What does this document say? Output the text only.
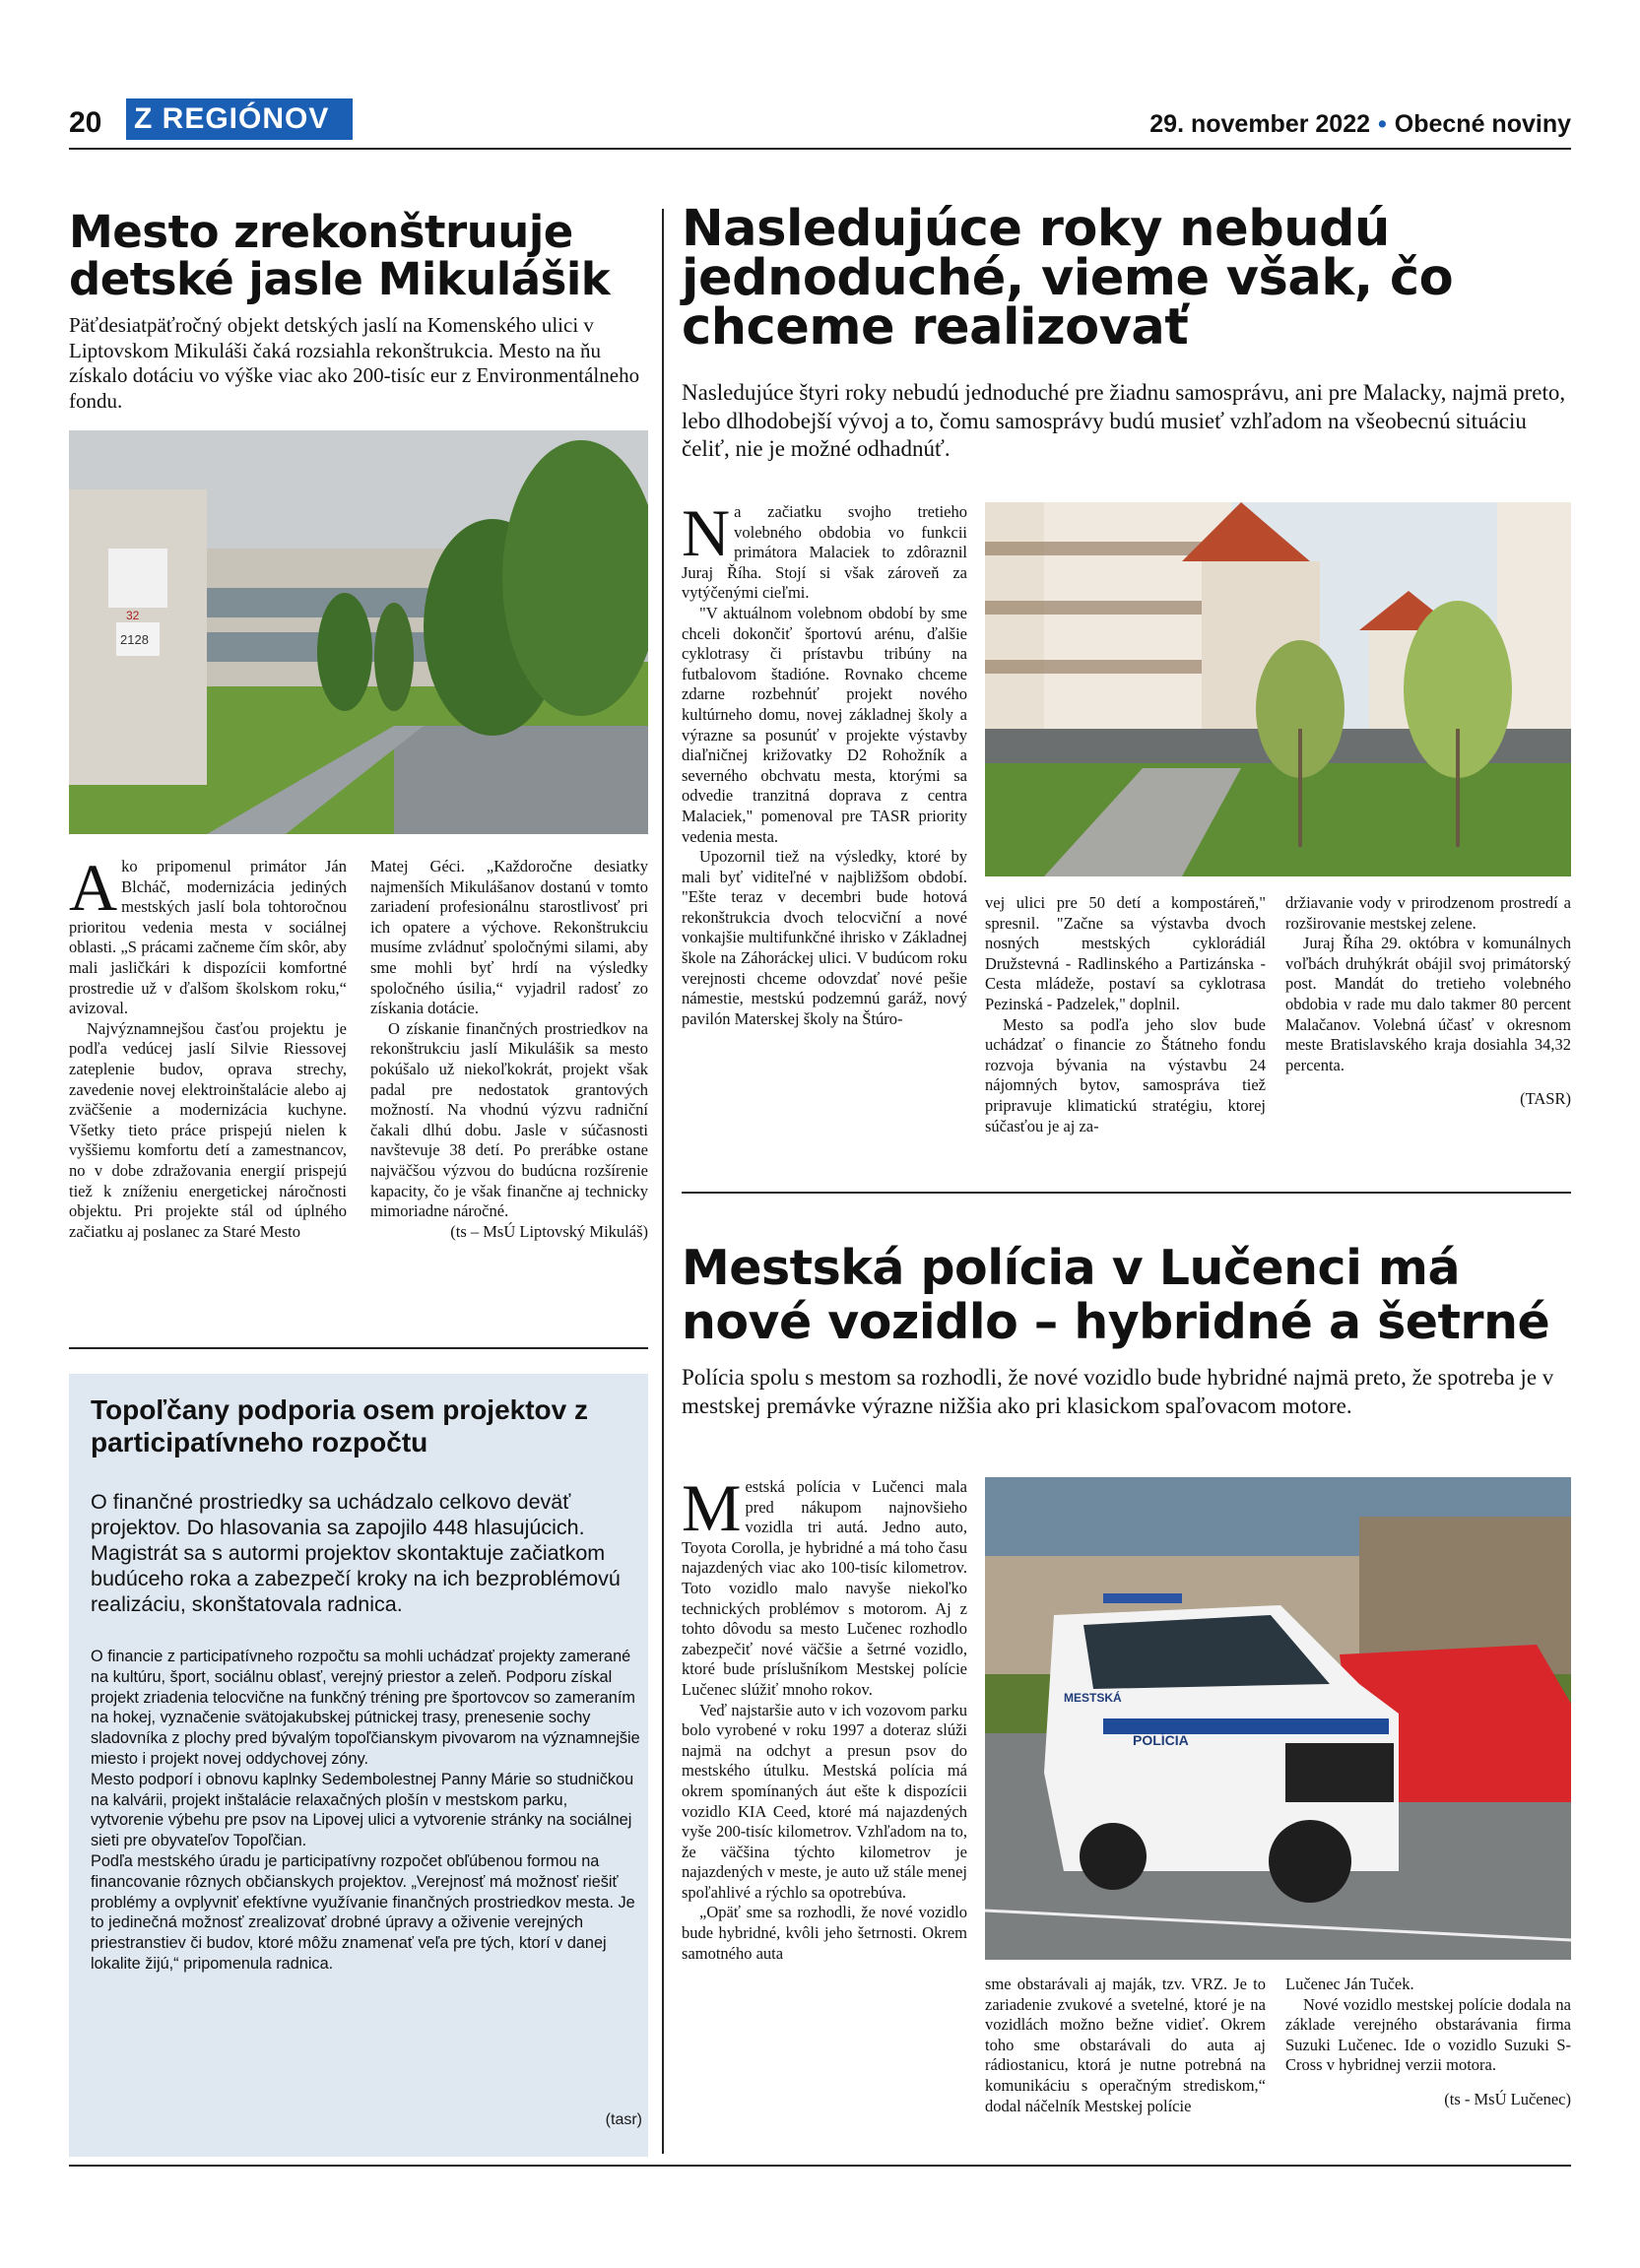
20 Z REGIÓNOV	29. november 2022 • Obecné noviny
Mesto zrekonštruuje detské jasle Mikulášik
Päťdesiatpäťročný objekt detských jaslí na Komenského ulici v Liptovskom Mikuláši čaká rozsiahla rekonštrukcia. Mesto na ňu získalo dotáciu vo výške viac ako 200-tisíc eur z Environmentálneho fondu.
2128
32

Ako pripomenul primátor Ján Blcháč, modernizácia jediných mestských jaslí bola tohtoročnou prioritou vedenia mesta v sociálnej oblasti. „S prácami začneme čím skôr, aby mali jasličkári k dispozícii komfortné prostredie už v ďalšom školskom roku,“ avizoval.

Najvýznamnejšou časťou projektu je podľa vedúcej jaslí Silvie Riessovej zateplenie budov, oprava strechy, zavedenie novej elektroinštalácie alebo aj zväčšenie a modernizácia kuchyne. Všetky tieto práce prispejú nielen k vyššiemu komfortu detí a zamestnancov, no v dobe zdražovania energií prispejú tiež k zníženiu energetickej náročnosti objektu. Pri projekte stál od úplného začiatku aj poslanec za Staré Mesto

Matej Géci. „Každoročne desiatky najmenších Mikulášanov dostanú v tomto zariadení profesionálnu starostlivosť pri ich opatere a výchove. Rekonštrukciu musíme zvládnuť spoločnými silami, aby sme mohli byť hrdí na výsledky spoločného úsilia,“ vyjadril radosť zo získania dotácie.

O získanie finančných prostriedkov na rekonštrukciu jaslí Mikulášik sa mesto pokúšalo už niekoľkokrát, projekt však padal pre nedostatok grantových možností. Na vhodnú výzvu radniční čakali dlhú dobu. Jasle v súčasnosti navštevuje 38 detí. Po prerábke ostane najväčšou výzvou do budúcna rozšírenie kapacity, čo je však finančne aj technicky mimoriadne náročné.

(ts – MsÚ Liptovský Mikuláš)
Nasledujúce roky nebudú jednoduché, vieme však, čo chceme realizovať
Nasledujúce štyri roky nebudú jednoduché pre žiadnu samosprávu, ani pre Malacky, najmä preto, lebo dlhodobejší vývoj a to, čomu samosprávy budú musieť vzhľadom na všeobecnú situáciu čeliť, nie je možné odhadnúť.

Na začiatku svojho tretieho volebného obdobia vo funkcii primátora Malaciek to zdôraznil Juraj Říha. Stojí si však zároveň za vytýčenými cieľmi.

"V aktuálnom volebnom období by sme chceli dokončiť športovú arénu, ďalšie cyklotrasy či prístavbu tribúny na futbalovom štadióne. Rovnako chceme zdarne rozbehnúť projekt nového kultúrneho domu, novej základnej školy a výrazne sa posunúť v projekte výstavby diaľničnej križovatky D2 Rohožník a severného obchvatu mesta, ktorými sa odvedie tranzitná doprava z centra Malaciek," pomenoval pre TASR priority vedenia mesta.

Upozornil tiež na výsledky, ktoré by mali byť viditeľné v najbližšom období. "Ešte teraz v decembri bude hotová rekonštrukcia dvoch telocviční a nové vonkajšie multifunkčné ihrisko v Základnej škole na Záhoráckej ulici. V budúcom roku verejnosti chceme odovzdať nové pešie námestie, mestskú podzemnú garáž, nový pavilón Materskej školy na Štúro-

vej ulici pre 50 detí a kompostáreň," spresnil. "Začne sa výstavba dvoch nosných mestských cyklorádiál Družstevná - Radlinského a Partizánska - Cesta mládeže, postaví sa cyklotrasa Pezinská - Padzelek," doplnil.

Mesto sa podľa jeho slov bude uchádzať o financie zo Štátneho fondu rozvoja bývania na výstavbu 24 nájomných bytov, samospráva tiež pripravuje klimatickú stratégiu, ktorej súčasťou je aj za-

držiavanie vody v prirodzenom prostredí a rozširovanie mestskej zelene.

Juraj Říha 29. októbra v komunálnych voľbách druhýkrát obájil svoj primátorský post. Mandát do tretieho volebného obdobia v rade mu dalo takmer 80 percent Malačanov. Volebná účasť v okresnom meste Bratislavského kraja dosiahla 34,32 percenta.

(TASR)
Mestská polícia v Lučenci má nové vozidlo – hybridné a šetrné
Polícia spolu s mestom sa rozhodli, že nové vozidlo bude hybridné najmä preto, že spotreba je v mestskej premávke výrazne nižšia ako pri klasickom spaľovacom motore.
MESTSKÁ
POLÍCIA

Mestská polícia v Lučenci mala pred nákupom najnovšieho vozidla tri autá. Jedno auto, Toyota Corolla, je hybridné a má toho času najazdených viac ako 100-tisíc kilometrov. Toto vozidlo malo navyše niekoľko technických problémov s motorom. Aj z tohto dôvodu sa mesto Lučenec rozhodlo zabezpečiť nové väčšie a šetrné vozidlo, ktoré bude príslušníkom Mestskej polície Lučenec slúžiť mnoho rokov.

Veď najstaršie auto v ich vozovom parku bolo vyrobené v roku 1997 a doteraz slúži najmä na odchyt a presun psov do mestského útulku. Mestská polícia má okrem spomínaných áut ešte k dispozícii vozidlo KIA Ceed, ktoré má najazdených vyše 200-tisíc kilometrov. Vzhľadom na to, že väčšina týchto kilometrov je najazdených v meste, je auto už stále menej spoľahlivé a rýchlo sa opotrebúva.

„Opäť sme sa rozhodli, že nové vozidlo bude hybridné, kvôli jeho šetrnosti. Okrem samotného auta

sme obstarávali aj maják, tzv. VRZ. Je to zariadenie zvukové a svetelné, ktoré je na vozidlách možno bežne vidieť. Okrem toho sme obstarávali do auta aj rádiostanicu, ktorá je nutne potrebná na komunikáciu s operačným strediskom,“ dodal náčelník Mestskej polície

Lučenec Ján Tuček.

Nové vozidlo mestskej polície dodala na základe verejného obstarávania firma Suzuki Lučenec. Ide o vozidlo Suzuki S-Cross v hybridnej verzii motora.

(ts - MsÚ Lučenec)
Topoľčany podporia osem projektov z participatívneho rozpočtu
O finančné prostriedky sa uchádzalo celkovo deväť projektov. Do hlasovania sa zapojilo 448 hlasujúcich. Magistrát sa s autormi projektov skontaktuje začiatkom budúceho roka a zabezpečí kroky na ich bezproblémovú realizáciu, skonštatovala radnica.

O financie z participatívneho rozpočtu sa mohli uchádzať projekty zamerané na kultúru, šport, sociálnu oblasť, verejný priestor a zeleň. Podporu získal projekt zriadenia telocvične na funkčný tréning pre športovcov so zameraním na hokej, vyznačenie svätojakubskej pútnickej trasy, prenesenie sochy sladovníka z plochy pred bývalým topoľčianskym pivovarom na významnejšie miesto i projekt novej oddychovej zóny.

Mesto podporí i obnovu kaplnky Sedembolestnej Panny Márie so studničkou na kalvárii, projekt inštalácie relaxačných plošín v mestskom parku, vytvorenie výbehu pre psov na Lipovej ulici a vytvorenie stránky na sociálnej sieti pre obyvateľov Topoľčian.

Podľa mestského úradu je participatívny rozpočet obľúbenou formou na financovanie rôznych občianskych projektov. „Verejnosť má možnosť riešiť problémy a ovplyvniť efektívne využívanie finančných prostriedkov mesta. Je to jedinečná možnosť zrealizovať drobné úpravy a oživenie verejných priestranstiev či budov, ktoré môžu znamenať veľa pre tých, ktorí v danej lokalite žijú,“ pripomenula radnica.

(tasr)
